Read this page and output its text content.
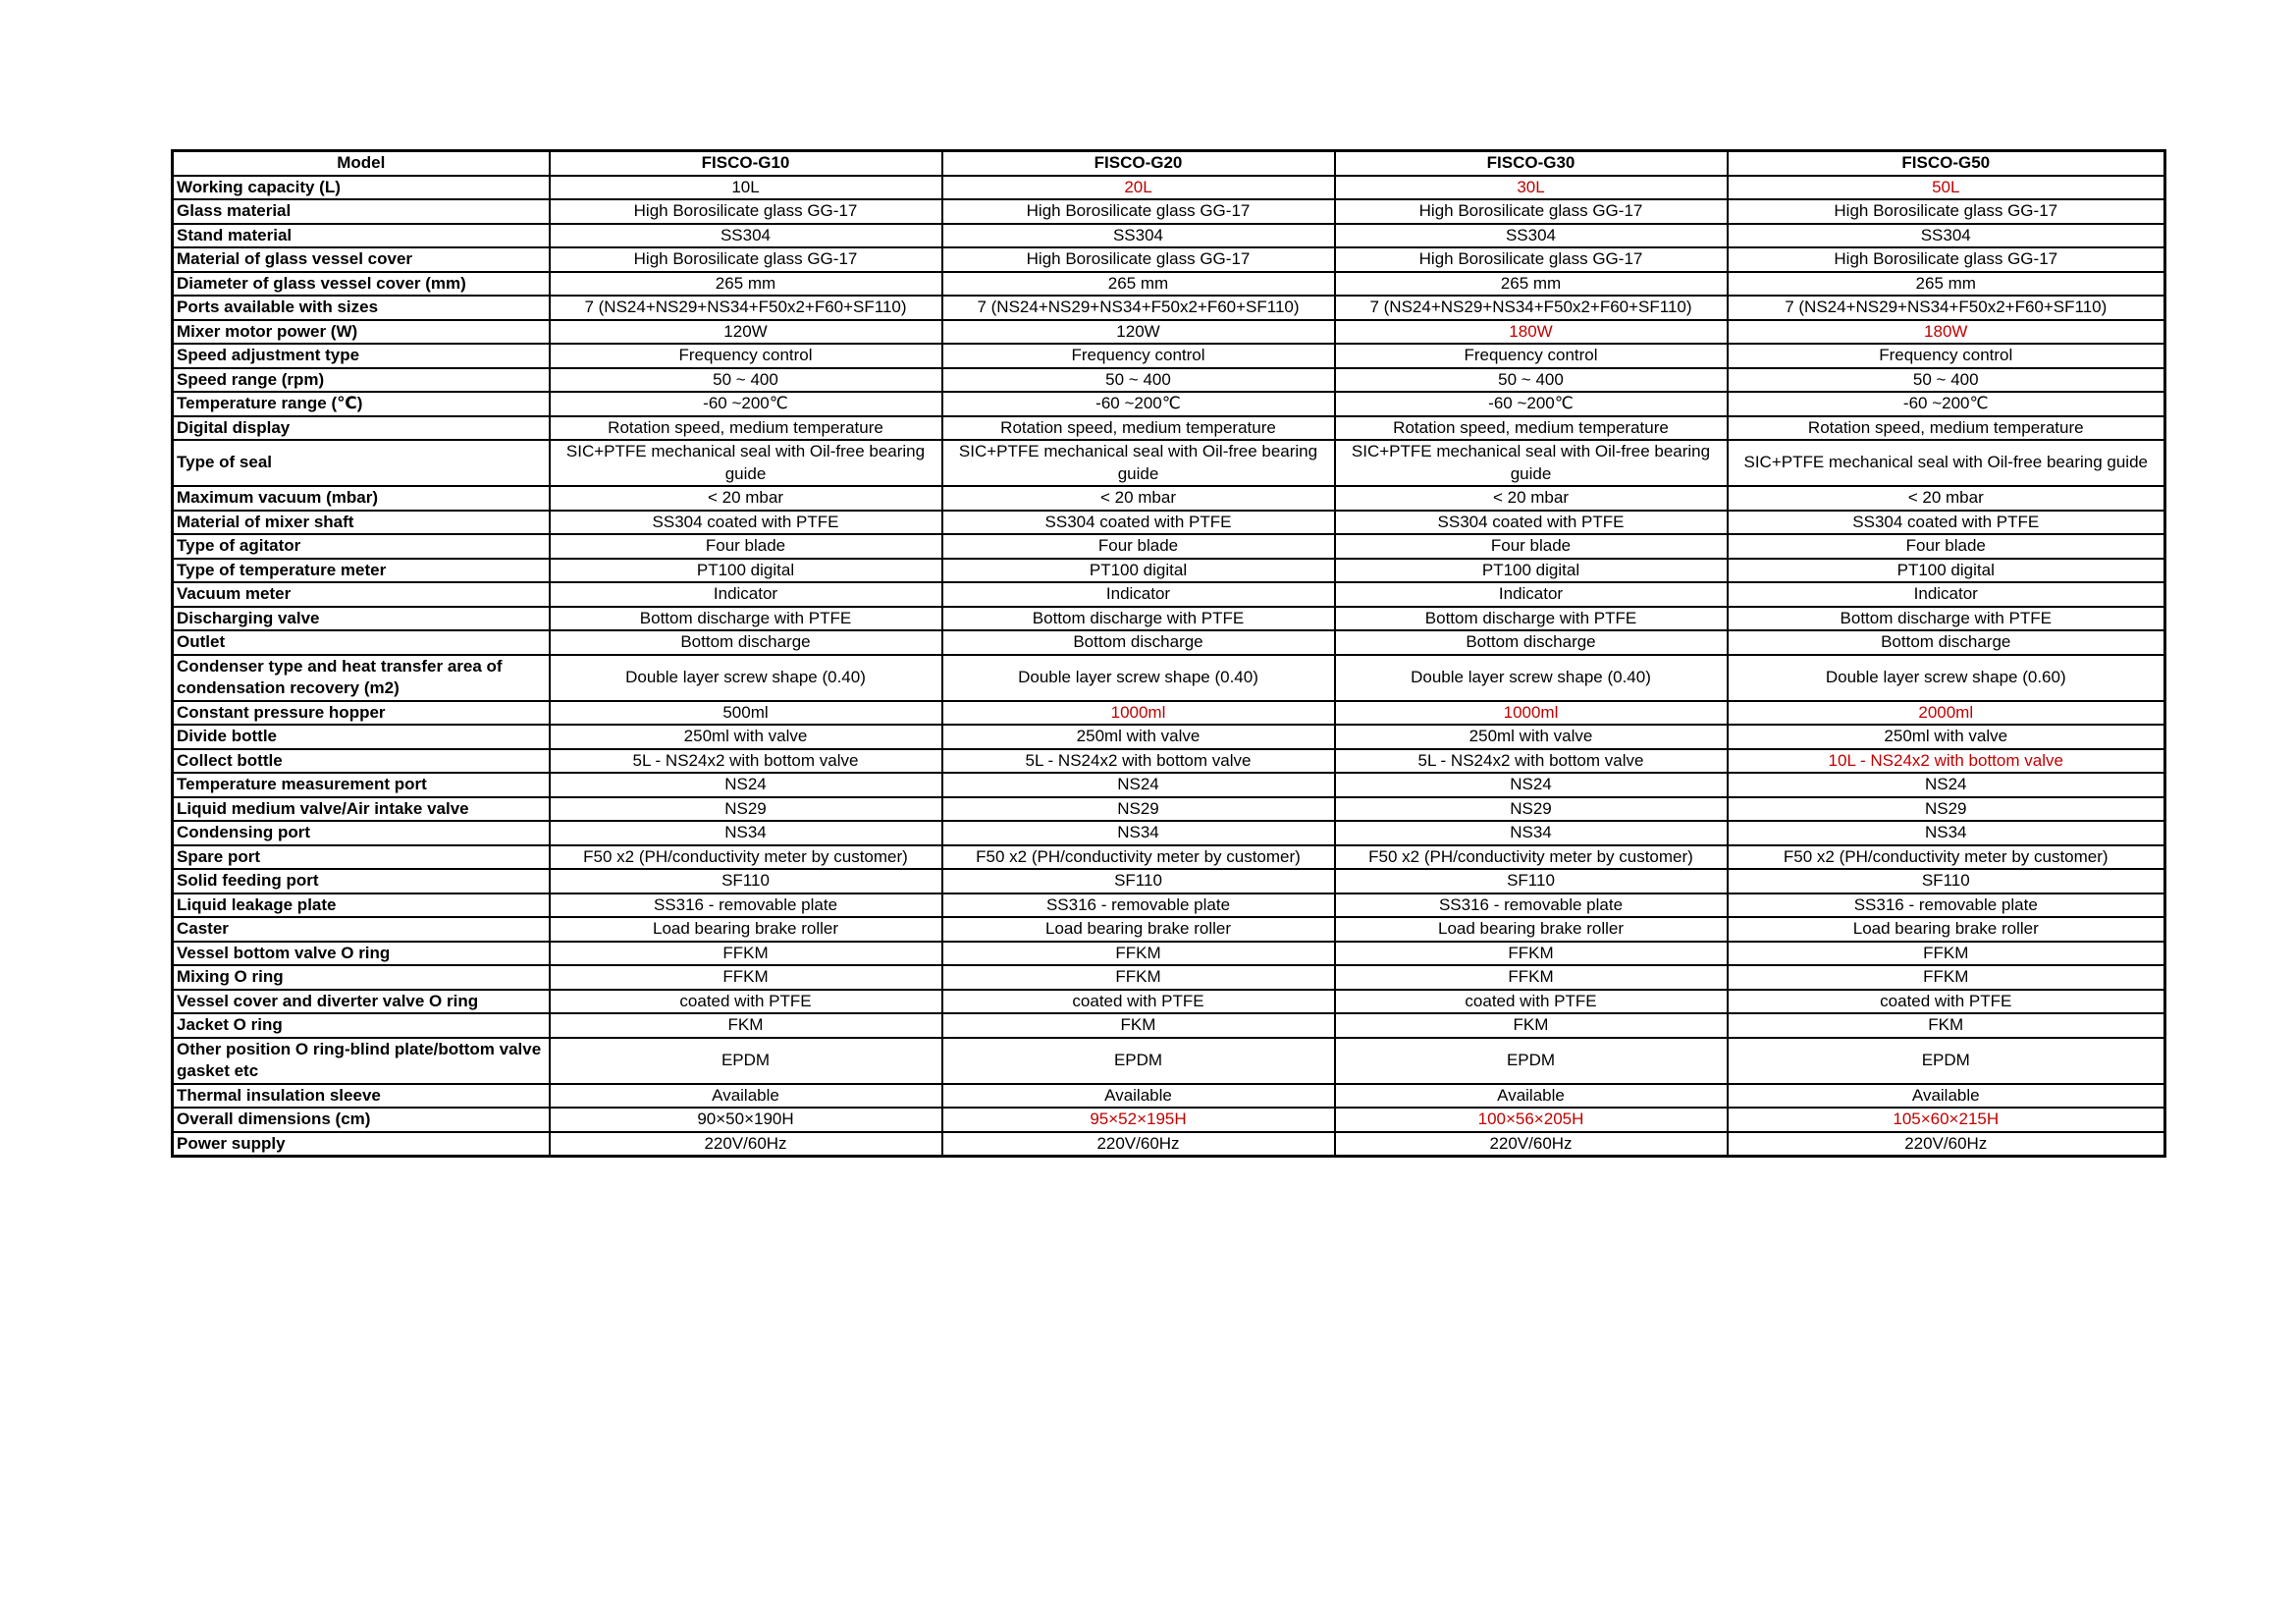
Model	FISCO-G10	FISCO-G20	FISCO-G30	FISCO-G50
Working capacity (L)	10L	20L	30L	50L
Glass material	High Borosilicate glass GG-17	High Borosilicate glass GG-17	High Borosilicate glass GG-17	High Borosilicate glass GG-17
Stand material	SS304	SS304	SS304	SS304
Material of glass vessel cover	High Borosilicate glass GG-17	High Borosilicate glass GG-17	High Borosilicate glass GG-17	High Borosilicate glass GG-17
Diameter of glass vessel cover (mm)	265 mm	265 mm	265 mm	265 mm
Ports available with sizes	7 (NS24+NS29+NS34+F50x2+F60+SF110)	7 (NS24+NS29+NS34+F50x2+F60+SF110)	7 (NS24+NS29+NS34+F50x2+F60+SF110)	7 (NS24+NS29+NS34+F50x2+F60+SF110)
Mixer motor power (W)	120W	120W	180W	180W
Speed adjustment type	Frequency control	Frequency control	Frequency control	Frequency control
Speed range (rpm)	50 ~ 400	50 ~ 400	50 ~ 400	50 ~ 400
Temperature range (℃)	-60 ~200℃	-60 ~200℃	-60 ~200℃	-60 ~200℃
Digital display	Rotation speed, medium temperature	Rotation speed, medium temperature	Rotation speed, medium temperature	Rotation speed, medium temperature
Type of seal	SIC+PTFE mechanical seal with Oil-free bearing guide	SIC+PTFE mechanical seal with Oil-free bearing guide	SIC+PTFE mechanical seal with Oil-free bearing guide	SIC+PTFE mechanical seal with Oil-free bearing guide
Maximum vacuum (mbar)	< 20 mbar	< 20 mbar	< 20 mbar	< 20 mbar
Material of mixer shaft	SS304 coated with PTFE	SS304 coated with PTFE	SS304 coated with PTFE	SS304 coated with PTFE
Type of agitator	Four blade	Four blade	Four blade	Four blade
Type of temperature meter	PT100 digital	PT100 digital	PT100 digital	PT100 digital
Vacuum meter	Indicator	Indicator	Indicator	Indicator
Discharging valve	Bottom discharge with PTFE	Bottom discharge with PTFE	Bottom discharge with PTFE	Bottom discharge with PTFE
Outlet	Bottom discharge	Bottom discharge	Bottom discharge	Bottom discharge
Condenser type and heat transfer area of condensation recovery (m2)	Double layer screw shape (0.40)	Double layer screw shape (0.40)	Double layer screw shape (0.40)	Double layer screw shape (0.60)
Constant pressure hopper	500ml	1000ml	1000ml	2000ml
Divide bottle	250ml with valve	250ml with valve	250ml with valve	250ml with valve
Collect bottle	5L - NS24x2 with bottom valve	5L - NS24x2 with bottom valve	5L - NS24x2 with bottom valve	10L - NS24x2 with bottom valve
Temperature measurement port	NS24	NS24	NS24	NS24
Liquid medium valve/Air intake valve	NS29	NS29	NS29	NS29
Condensing port	NS34	NS34	NS34	NS34
Spare port	F50 x2 (PH/conductivity meter by customer)	F50 x2 (PH/conductivity meter by customer)	F50 x2 (PH/conductivity meter by customer)	F50 x2 (PH/conductivity meter by customer)
Solid feeding port	SF110	SF110	SF110	SF110
Liquid leakage plate	SS316 - removable plate	SS316 - removable plate	SS316 - removable plate	SS316 - removable plate
Caster	Load bearing brake roller	Load bearing brake roller	Load bearing brake roller	Load bearing brake roller
Vessel bottom valve O ring	FFKM	FFKM	FFKM	FFKM
Mixing O ring	FFKM	FFKM	FFKM	FFKM
Vessel cover and diverter valve O ring	coated with PTFE	coated with PTFE	coated with PTFE	coated with PTFE
Jacket O ring	FKM	FKM	FKM	FKM
Other position O ring-blind plate/bottom valve gasket etc	EPDM	EPDM	EPDM	EPDM
Thermal insulation sleeve	Available	Available	Available	Available
Overall dimensions (cm)	90×50×190H	95×52×195H	100×56×205H	105×60×215H
Power supply	220V/60Hz	220V/60Hz	220V/60Hz	220V/60Hz
